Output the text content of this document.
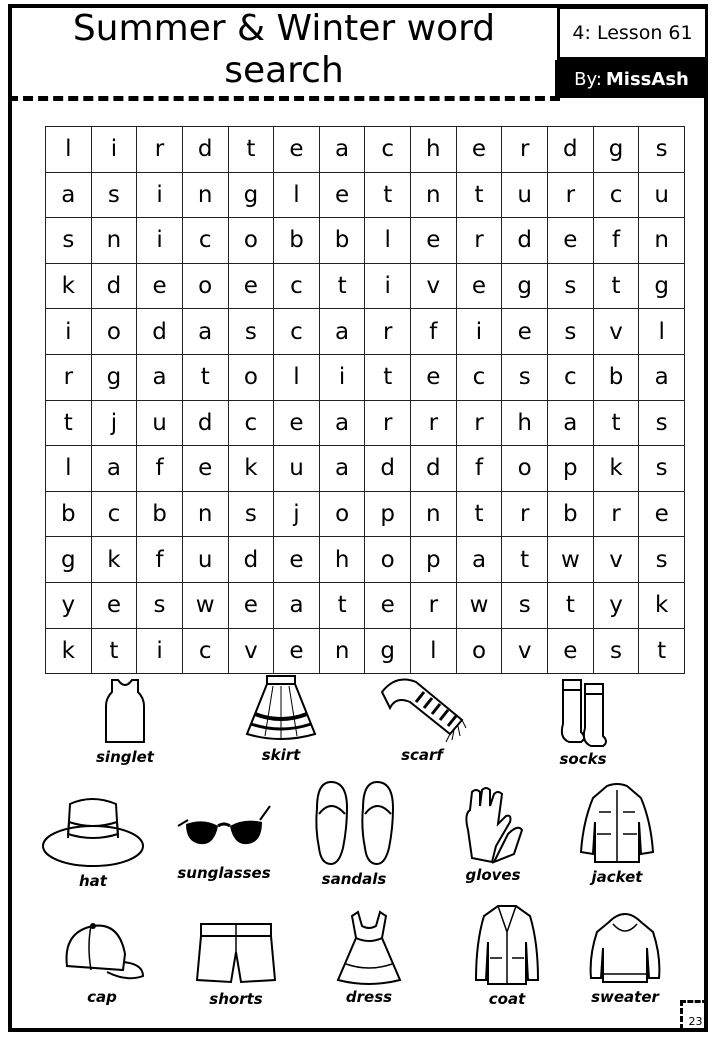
Summer & Winter word search
4: Lesson 61
By: MissAsh
l	i	r	d	t	e	a	c	h	e	r	d	g	s
a	s	i	n	g	l	e	t	n	t	u	r	c	u
s	n	i	c	o	b	b	l	e	r	d	e	f	n
k	d	e	o	e	c	t	i	v	e	g	s	t	g
i	o	d	a	s	c	a	r	f	i	e	s	v	l
r	g	a	t	o	l	i	t	e	c	s	c	b	a
t	j	u	d	c	e	a	r	r	r	h	a	t	s
l	a	f	e	k	u	a	d	d	f	o	p	k	s
b	c	b	n	s	j	o	p	n	t	r	b	r	e
g	k	f	u	d	e	h	o	p	a	t	w	v	s
y	e	s	w	e	a	t	e	r	w	s	t	y	k
k	t	i	c	v	e	n	g	l	o	v	e	s	t
singlet	skirt	scarf	socks
hat	sunglasses	sandals	gloves	jacket
cap	shorts	dress	coat	sweater
23
